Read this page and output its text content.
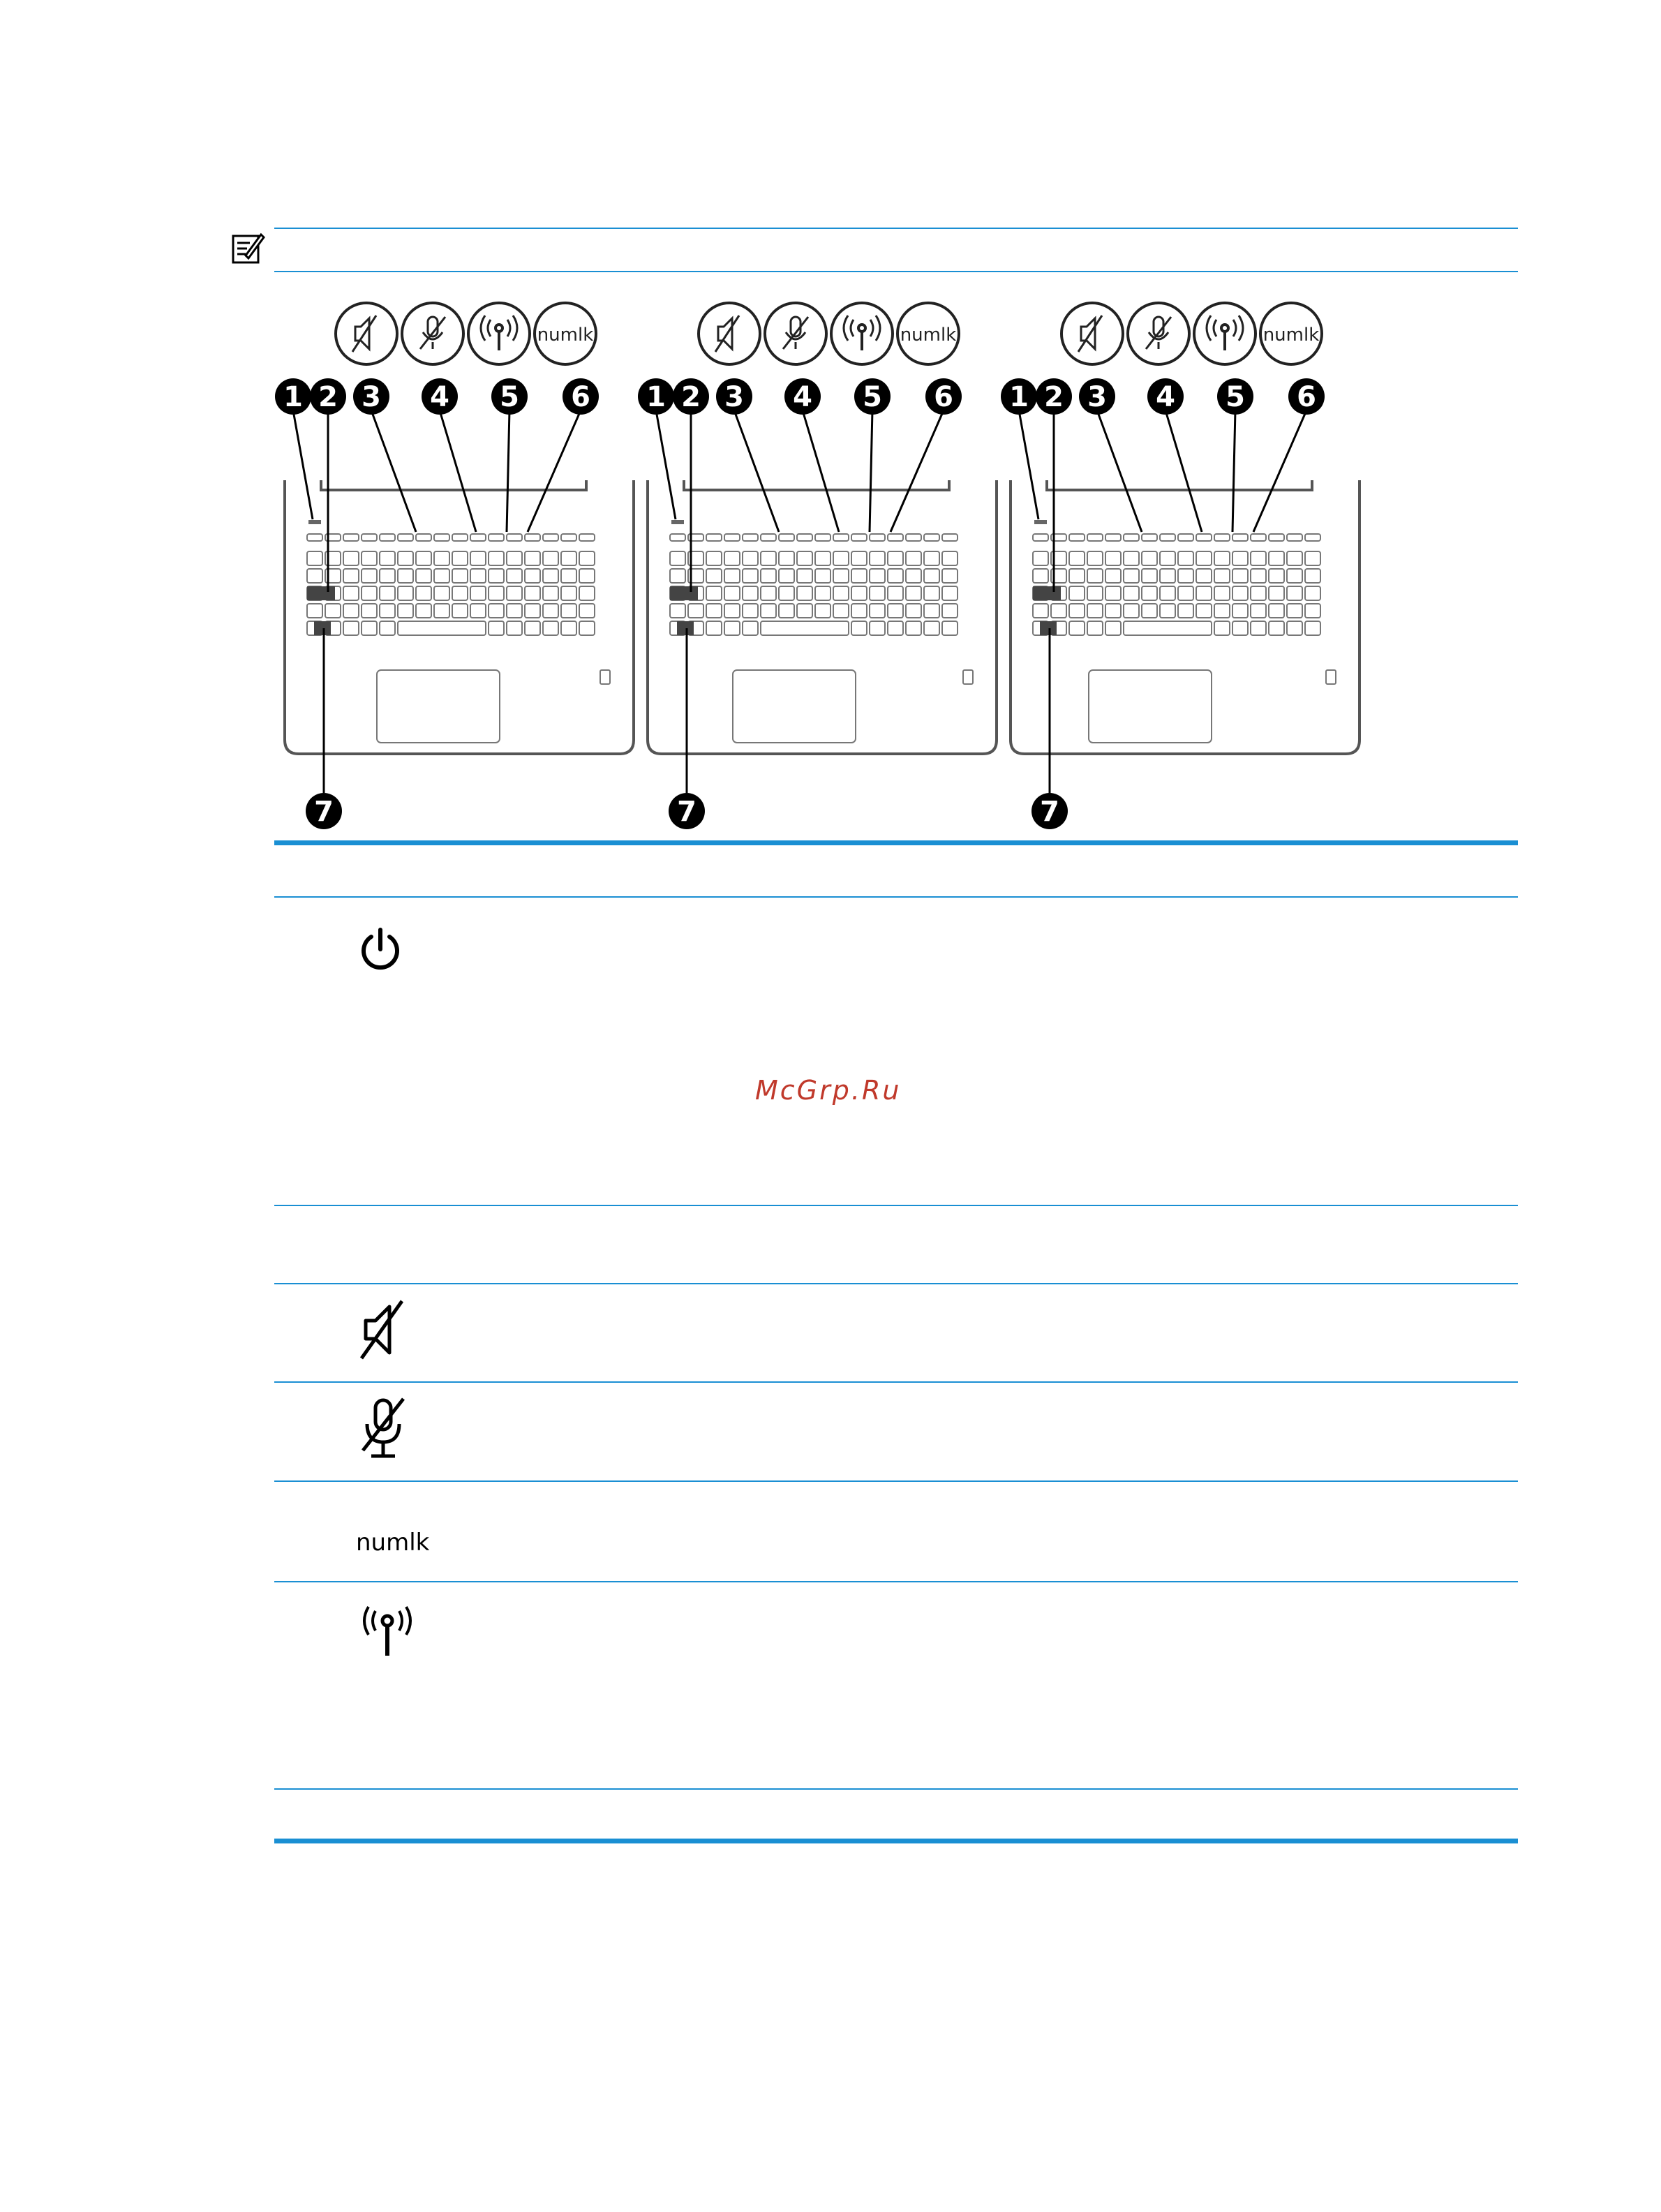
numlk
1 2 3 4 5 6
7
numlk
1 2 3 4 5 6
7
numlk
1 2 3 4 5 6
7
numlk
McGrp.Ru
